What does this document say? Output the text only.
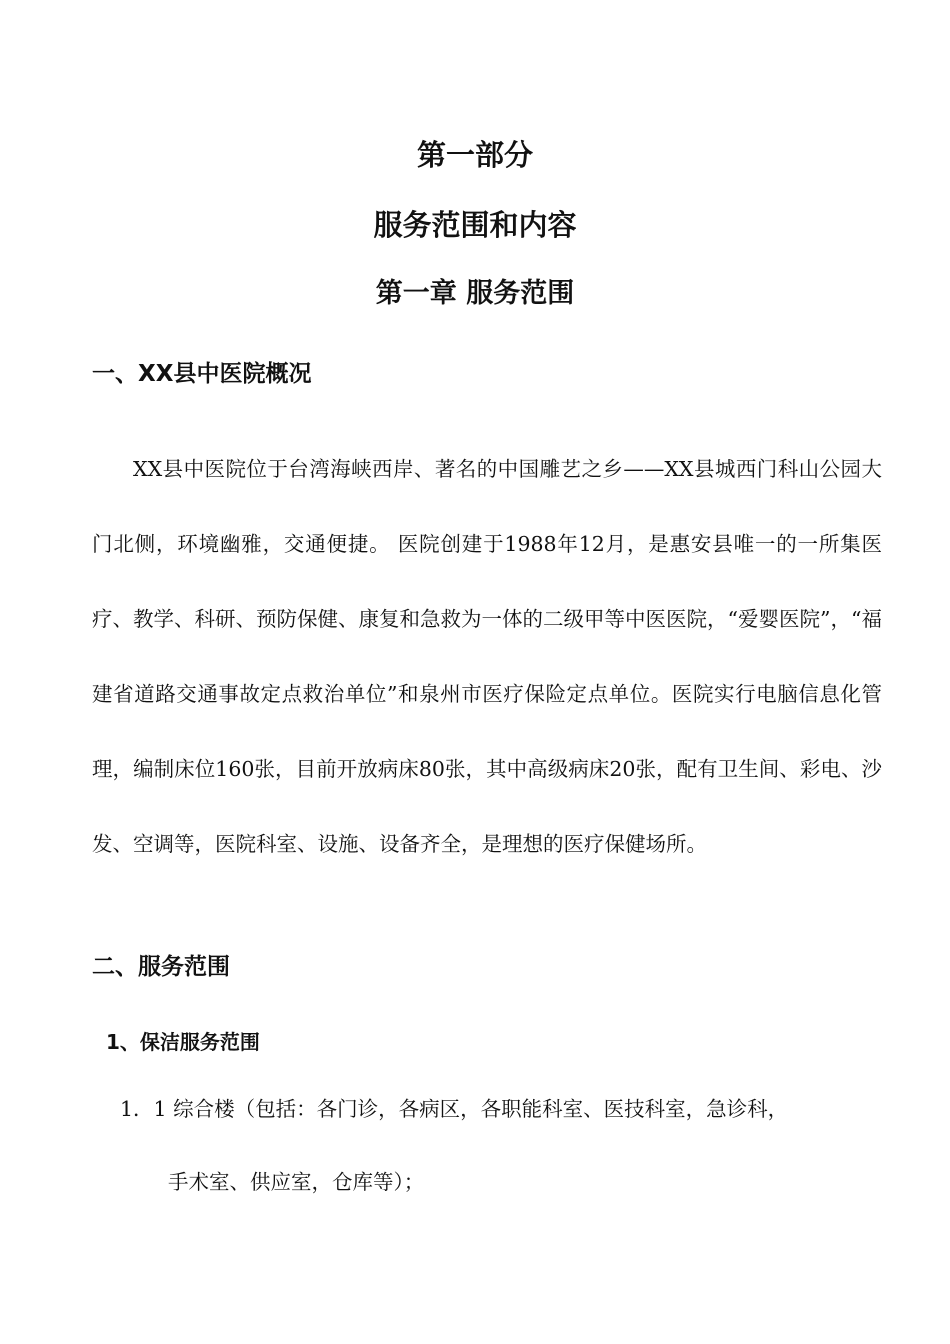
第一部分
服务范围和内容
第一章 服务范围
一、XX县中医院概况

XX县中医院位于台湾海峡西岸、著名的中国雕艺之乡——XX县城西门科山公园大门北侧，环境幽雅，交通便捷。 医院创建于1988年12月，是惠安县唯一的一所集医疗、教学、科研、预防保健、康复和急救为一体的二级甲等中医医院，“爱婴医院”，“福建省道路交通事故定点救治单位”和泉州市医疗保险定点单位。医院实行电脑信息化管理，编制床位160张，目前开放病床80张，其中高级病床20张，配有卫生间、彩电、沙发、空调等，医院科室、设施、设备齐全，是理想的医疗保健场所。

二、服务范围
1、保洁服务范围
1．1 综合楼（包括：各门诊，各病区，各职能科室、医技科室，急诊科，
手术室、供应室，仓库等）；
